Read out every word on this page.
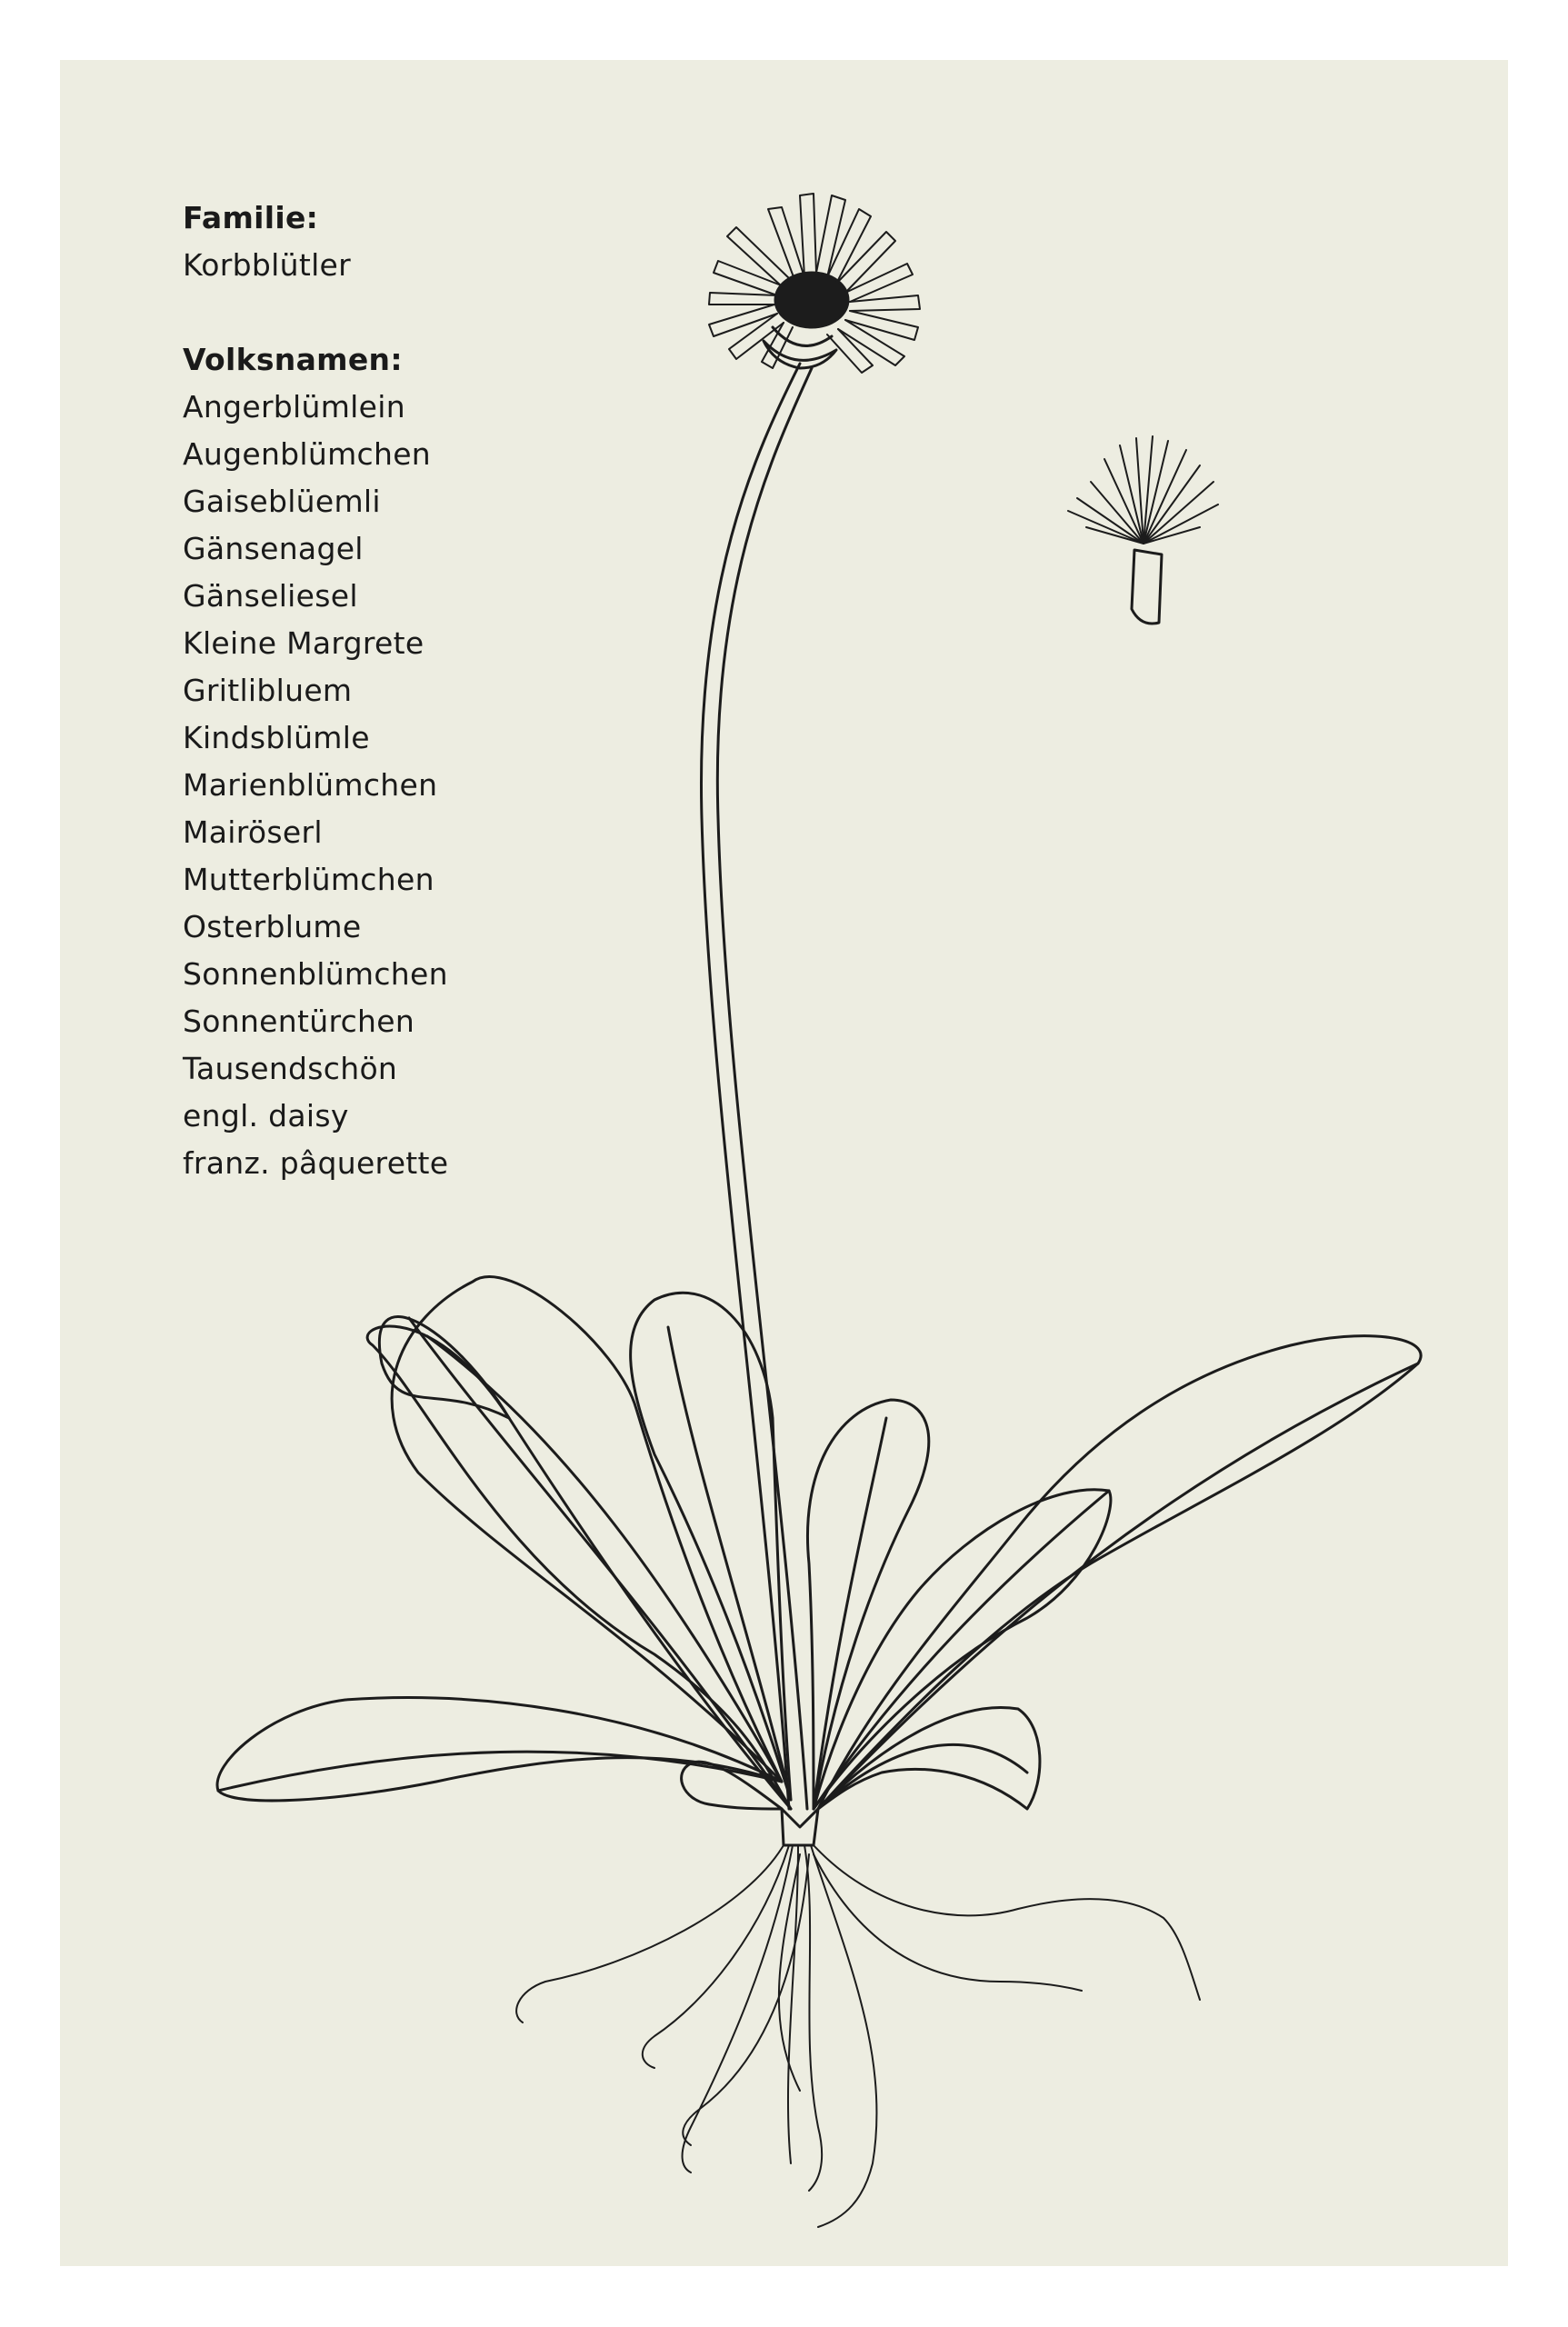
Familie:
Korbblütler
Volksnamen:
Angerblümlein
Augenblümchen
Gaiseblüemli
Gänsenagel
Gänseliesel
Kleine Margrete
Gritlibluem
Kindsblümle
Marienblümchen
Mairöserl
Mutterblümchen
Osterblume
Sonnenblümchen
Sonnentürchen
Tausendschön
engl. daisy
franz. pâquerette
